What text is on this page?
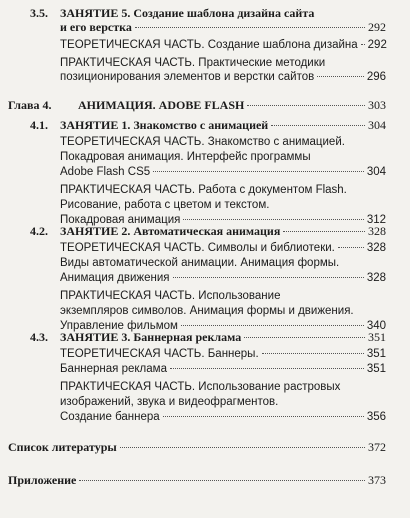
3.5. ЗАНЯТИЕ 5. Создание шаблона дизайна сайта
и его верстка	292
ТЕОРЕТИЧЕСКАЯ ЧАСТЬ. Создание шаблона дизайна 292
ПРАКТИЧЕСКАЯ ЧАСТЬ. Практические методики
позиционирования элементов и верстки сайтов	296
Глава 4. АНИМАЦИЯ. ADOBE FLASH	303
4.1. ЗАНЯТИЕ 1. Знакомство с анимацией	304
ТЕОРЕТИЧЕСКАЯ ЧАСТЬ. Знакомство с анимацией.
Покадровая анимация. Интерфейс программы
Adobe Flash CS5	304
ПРАКТИЧЕСКАЯ ЧАСТЬ. Работа с документом Flash.
Рисование, работа с цветом и текстом.
Покадровая анимация	312
4.2. ЗАНЯТИЕ 2. Автоматическая анимация	328
ТЕОРЕТИЧЕСКАЯ ЧАСТЬ. Символы и библиотеки.	328
Виды автоматической анимации. Анимация формы.
Анимация движения	328
ПРАКТИЧЕСКАЯ ЧАСТЬ. Использование
экземпляров символов. Анимация формы и движения.
Управление фильмом	340
4.3. ЗАНЯТИЕ 3. Баннерная реклама	351
ТЕОРЕТИЧЕСКАЯ ЧАСТЬ. Баннеры.	351
Баннерная реклама	351
ПРАКТИЧЕСКАЯ ЧАСТЬ. Использование растровых
изображений, звука и видеофрагментов.
Создание баннера	356
Список литературы	372
Приложение	373
